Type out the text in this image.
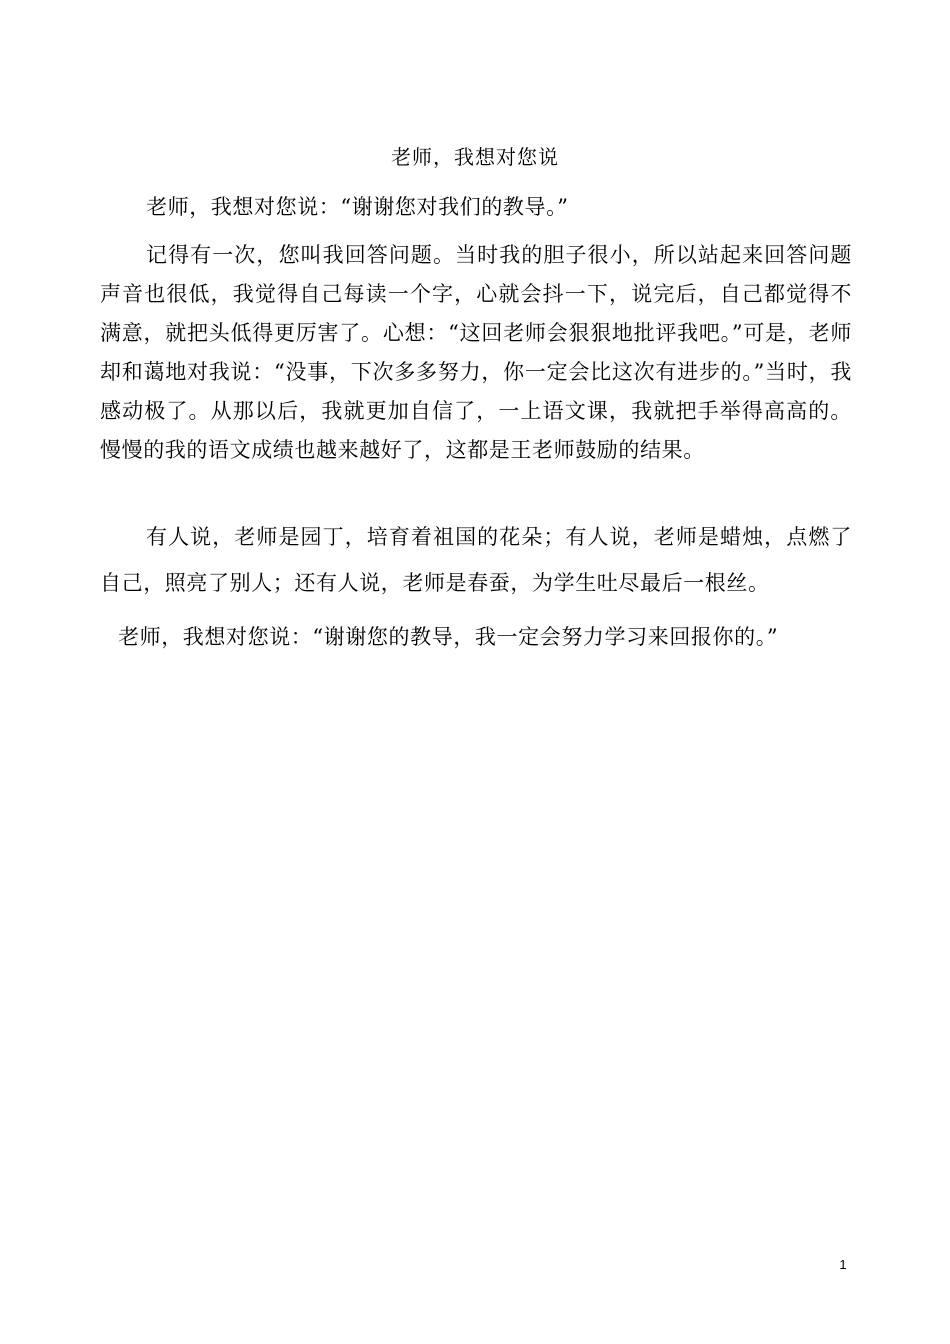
老师，我想对您说

老师，我想对您说：“谢谢您对我们的教导。”

记得有一次，您叫我回答问题。当时我的胆子很小，所以站起来回答问题声音也很低，我觉得自己每读一个字，心就会抖一下，说完后，自己都觉得不满意，就把头低得更厉害了。心想：“这回老师会狠狠地批评我吧。”可是，老师却和蔼地对我说：“没事，下次多多努力，你一定会比这次有进步的。”当时，我感动极了。从那以后，我就更加自信了，一上语文课，我就把手举得高高的。慢慢的我的语文成绩也越来越好了，这都是王老师鼓励的结果。

有人说，老师是园丁，培育着祖国的花朵；有人说，老师是蜡烛，点燃了自己，照亮了别人；还有人说，老师是春蚕，为学生吐尽最后一根丝。

老师，我想对您说：“谢谢您的教导，我一定会努力学习来回报你的。”

1
